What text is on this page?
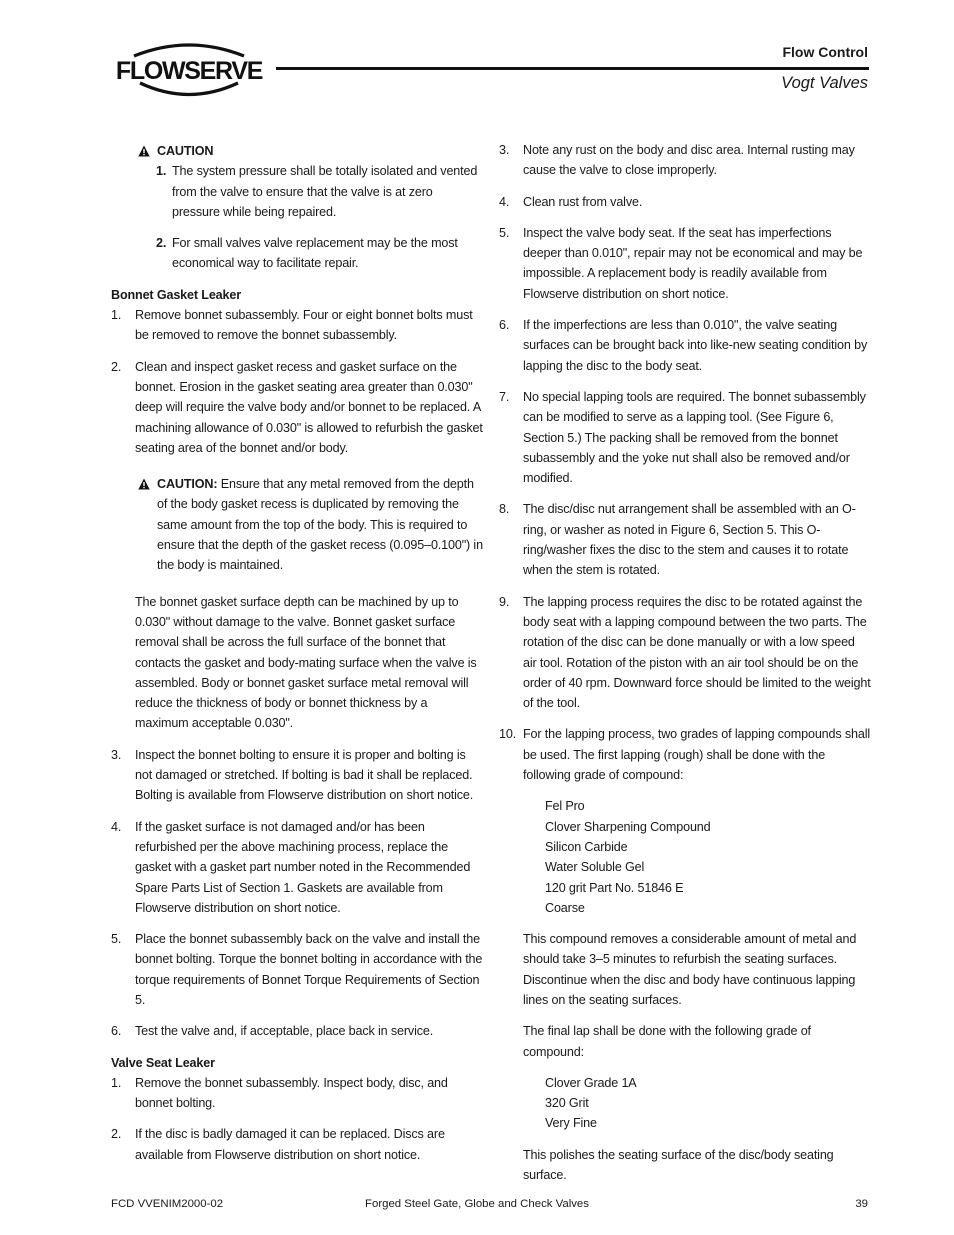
FLOWSERVE
Flow Control
Vogt Valves
CAUTION
1. The system pressure shall be totally isolated and vented from the valve to ensure that the valve is at zero pressure while being repaired.
2. For small valves valve replacement may be the most economical way to facilitate repair.
Bonnet Gasket Leaker
1. Remove bonnet subassembly. Four or eight bonnet bolts must be removed to remove the bonnet subassembly.
2. Clean and inspect gasket recess and gasket surface on the bonnet. Erosion in the gasket seating area greater than 0.030" deep will require the valve body and/or bonnet to be replaced. A machining allowance of 0.030" is allowed to refurbish the gasket seating area of the bonnet and/or body.
CAUTION: Ensure that any metal removed from the depth of the body gasket recess is duplicated by removing the same amount from the top of the body. This is required to ensure that the depth of the gasket recess (0.095–0.100") in the body is maintained.
The bonnet gasket surface depth can be machined by up to 0.030" without damage to the valve. Bonnet gasket surface removal shall be across the full surface of the bonnet that contacts the gasket and body-mating surface when the valve is assembled. Body or bonnet gasket surface metal removal will reduce the thickness of body or bonnet thickness by a maximum acceptable 0.030".
3. Inspect the bonnet bolting to ensure it is proper and bolting is not damaged or stretched. If bolting is bad it shall be replaced. Bolting is available from Flowserve distribution on short notice.
4. If the gasket surface is not damaged and/or has been refurbished per the above machining process, replace the gasket with a gasket part number noted in the Recommended Spare Parts List of Section 1. Gaskets are available from Flowserve distribution on short notice.
5. Place the bonnet subassembly back on the valve and install the bonnet bolting. Torque the bonnet bolting in accordance with the torque requirements of Bonnet Torque Requirements of Section 5.
6. Test the valve and, if acceptable, place back in service.
Valve Seat Leaker
1. Remove the bonnet subassembly. Inspect body, disc, and bonnet bolting.
2. If the disc is badly damaged it can be replaced. Discs are available from Flowserve distribution on short notice.
3. Note any rust on the body and disc area. Internal rusting may cause the valve to close improperly.
4. Clean rust from valve.
5. Inspect the valve body seat. If the seat has imperfections deeper than 0.010", repair may not be economical and may be impossible. A replacement body is readily available from Flowserve distribution on short notice.
6. If the imperfections are less than 0.010", the valve seating surfaces can be brought back into like-new seating condition by lapping the disc to the body seat.
7. No special lapping tools are required. The bonnet subassembly can be modified to serve as a lapping tool. (See Figure 6, Section 5.) The packing shall be removed from the bonnet subassembly and the yoke nut shall also be removed and/or modified.
8. The disc/disc nut arrangement shall be assembled with an O-ring, or washer as noted in Figure 6, Section 5. This O-ring/washer fixes the disc to the stem and causes it to rotate when the stem is rotated.
9. The lapping process requires the disc to be rotated against the body seat with a lapping compound between the two parts. The rotation of the disc can be done manually or with a low speed air tool. Rotation of the piston with an air tool should be on the order of 40 rpm. Downward force should be limited to the weight of the tool.
10. For the lapping process, two grades of lapping compounds shall be used. The first lapping (rough) shall be done with the following grade of compound:
Fel Pro
Clover Sharpening Compound
Silicon Carbide
Water Soluble Gel
120 grit Part No. 51846 E
Coarse
This compound removes a considerable amount of metal and should take 3–5 minutes to refurbish the seating surfaces. Discontinue when the disc and body have continuous lapping lines on the seating surfaces.
The final lap shall be done with the following grade of compound:
Clover Grade 1A
320 Grit
Very Fine
This polishes the seating surface of the disc/body seating surface.
FCD VVENIM2000-02	Forged Steel Gate, Globe and Check Valves	39
